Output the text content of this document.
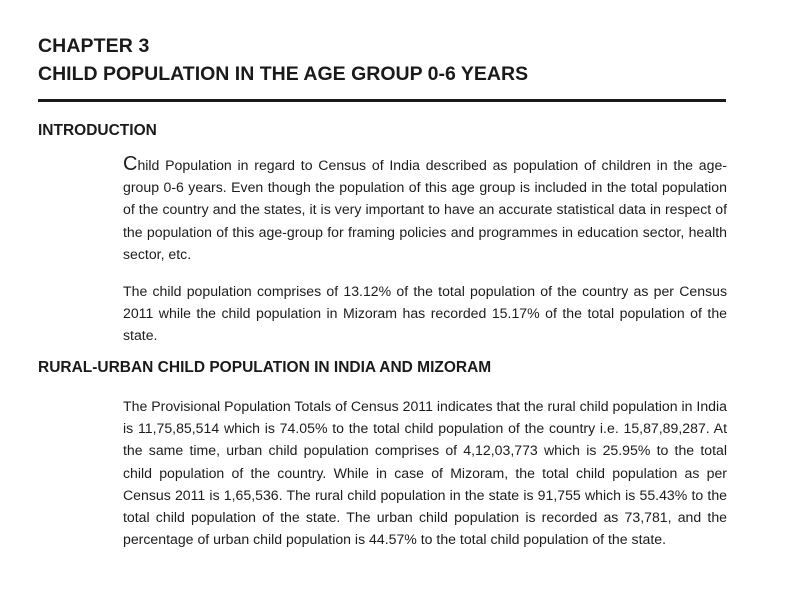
CHAPTER 3
CHILD POPULATION IN THE AGE GROUP 0-6 YEARS
INTRODUCTION

Child Population in regard to Census of India described as population of children in the age-group 0-6 years. Even though the population of this age group is included in the total population of the country and the states, it is very important to have an accurate statistical data in respect of the population of this age-group for framing policies and programmes in education sector, health sector, etc.

The child population comprises of 13.12% of the total population of the country as per Census 2011 while the child population in Mizoram has recorded 15.17% of the total population of the state.

RURAL-URBAN CHILD POPULATION IN INDIA AND MIZORAM

The Provisional Population Totals of Census 2011 indicates that the rural child population in India is 11,75,85,514 which is 74.05% to the total child population of the country i.e. 15,87,89,287. At the same time, urban child population comprises of 4,12,03,773 which is 25.95% to the total child population of the country. While in case of Mizoram, the total child population as per Census 2011 is 1,65,536. The rural child population in the state is 91,755 which is 55.43% to the total child population of the state. The urban child population is recorded as 73,781, and the percentage of urban child population is 44.57% to the total child population of the state.
